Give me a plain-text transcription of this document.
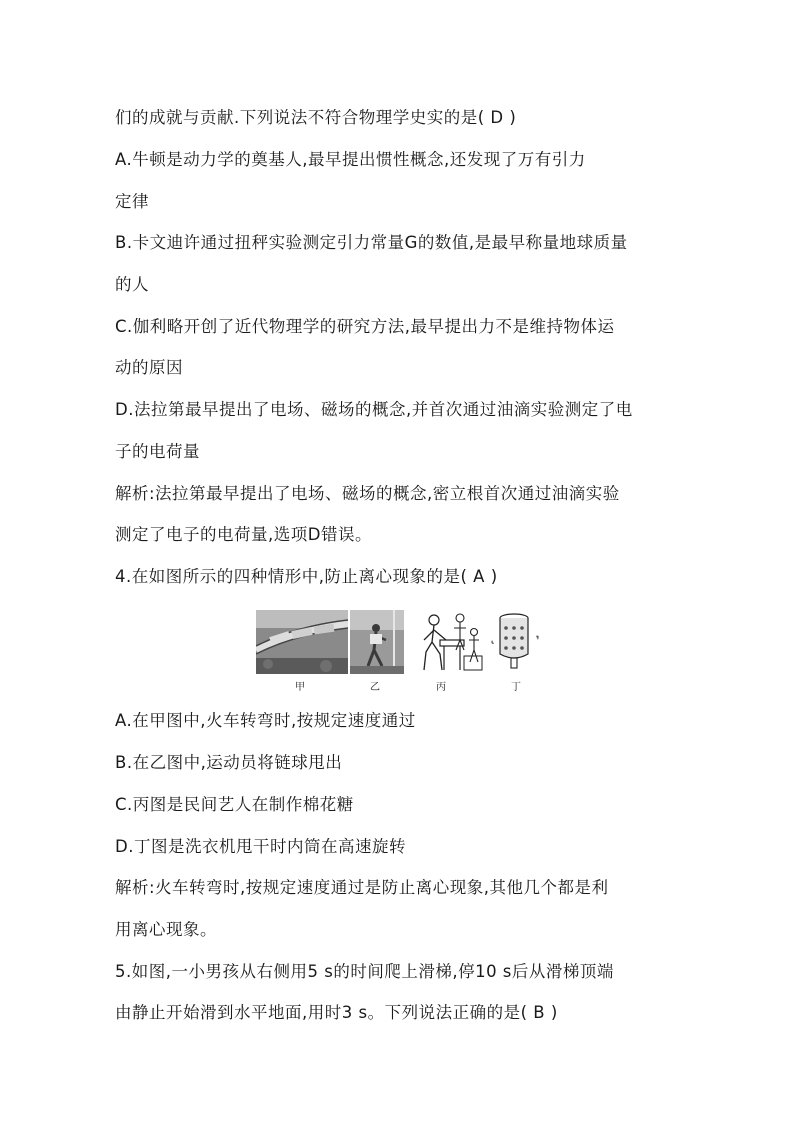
们的成就与贡献.下列说法不符合物理学史实的是( D )
A.牛顿是动力学的奠基人,最早提出惯性概念,还发现了万有引力
定律
B.卡文迪许通过扭秤实验测定引力常量G的数值,是最早称量地球质量
的人
C.伽利略开创了近代物理学的研究方法,最早提出力不是维持物体运
动的原因
D.法拉第最早提出了电场、磁场的概念,并首次通过油滴实验测定了电
子的电荷量
解析:法拉第最早提出了电场、磁场的概念,密立根首次通过油滴实验
测定了电子的电荷量,选项D错误。
4.在如图所示的四种情形中,防止离心现象的是( A )
甲	乙	丙	丁
A.在甲图中,火车转弯时,按规定速度通过
B.在乙图中,运动员将链球甩出
C.丙图是民间艺人在制作棉花糖
D.丁图是洗衣机甩干时内筒在高速旋转
解析:火车转弯时,按规定速度通过是防止离心现象,其他几个都是利
用离心现象。
5.如图,一小男孩从右侧用5 s的时间爬上滑梯,停10 s后从滑梯顶端
由静止开始滑到水平地面,用时3 s。下列说法正确的是( B )
